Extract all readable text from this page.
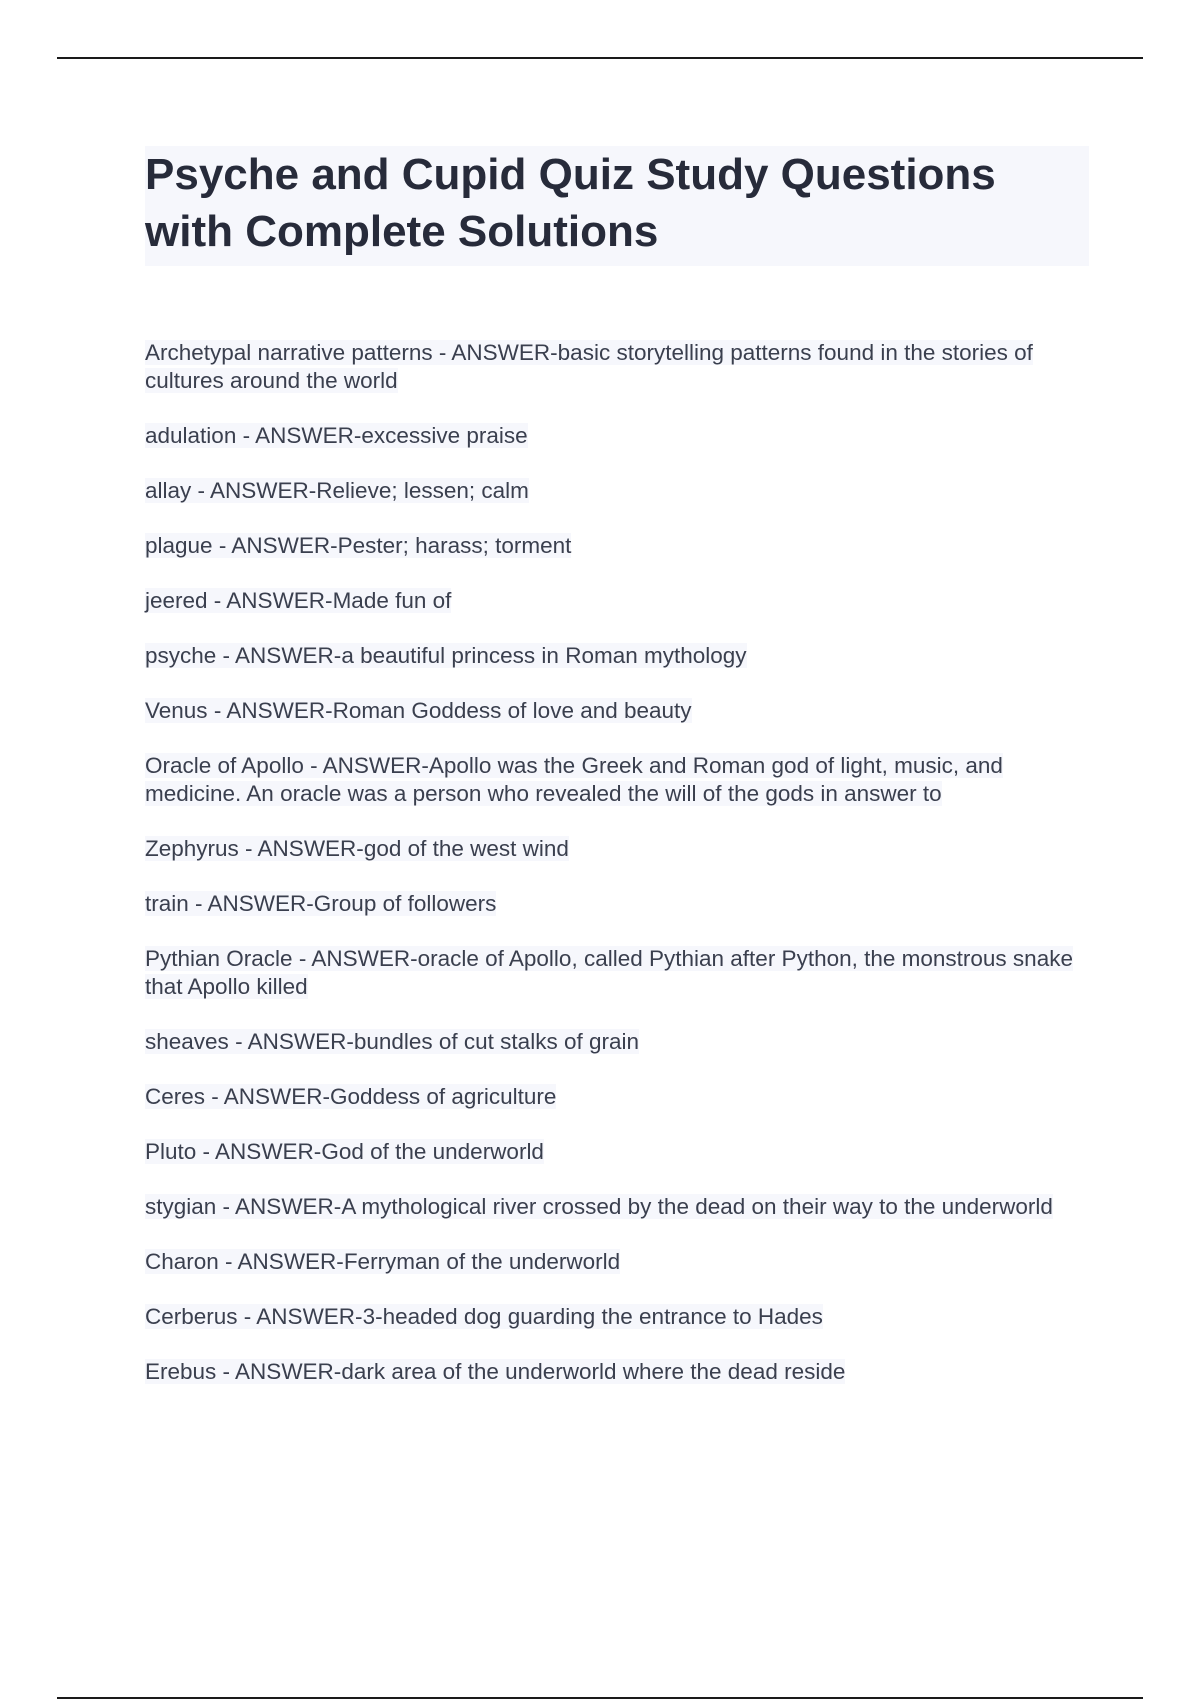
Psyche and Cupid Quiz Study Questions with Complete Solutions
Archetypal narrative patterns - ANSWER-basic storytelling patterns found in the stories of cultures around the world
adulation - ANSWER-excessive praise
allay - ANSWER-Relieve; lessen; calm
plague - ANSWER-Pester; harass; torment
jeered - ANSWER-Made fun of
psyche - ANSWER-a beautiful princess in Roman mythology
Venus - ANSWER-Roman Goddess of love and beauty
Oracle of Apollo - ANSWER-Apollo was the Greek and Roman god of light, music, and medicine. An oracle was a person who revealed the will of the gods in answer to
Zephyrus - ANSWER-god of the west wind
train - ANSWER-Group of followers
Pythian Oracle - ANSWER-oracle of Apollo, called Pythian after Python, the monstrous snake that Apollo killed
sheaves - ANSWER-bundles of cut stalks of grain
Ceres - ANSWER-Goddess of agriculture
Pluto - ANSWER-God of the underworld
stygian - ANSWER-A mythological river crossed by the dead on their way to the underworld
Charon - ANSWER-Ferryman of the underworld
Cerberus - ANSWER-3-headed dog guarding the entrance to Hades
Erebus - ANSWER-dark area of the underworld where the dead reside
